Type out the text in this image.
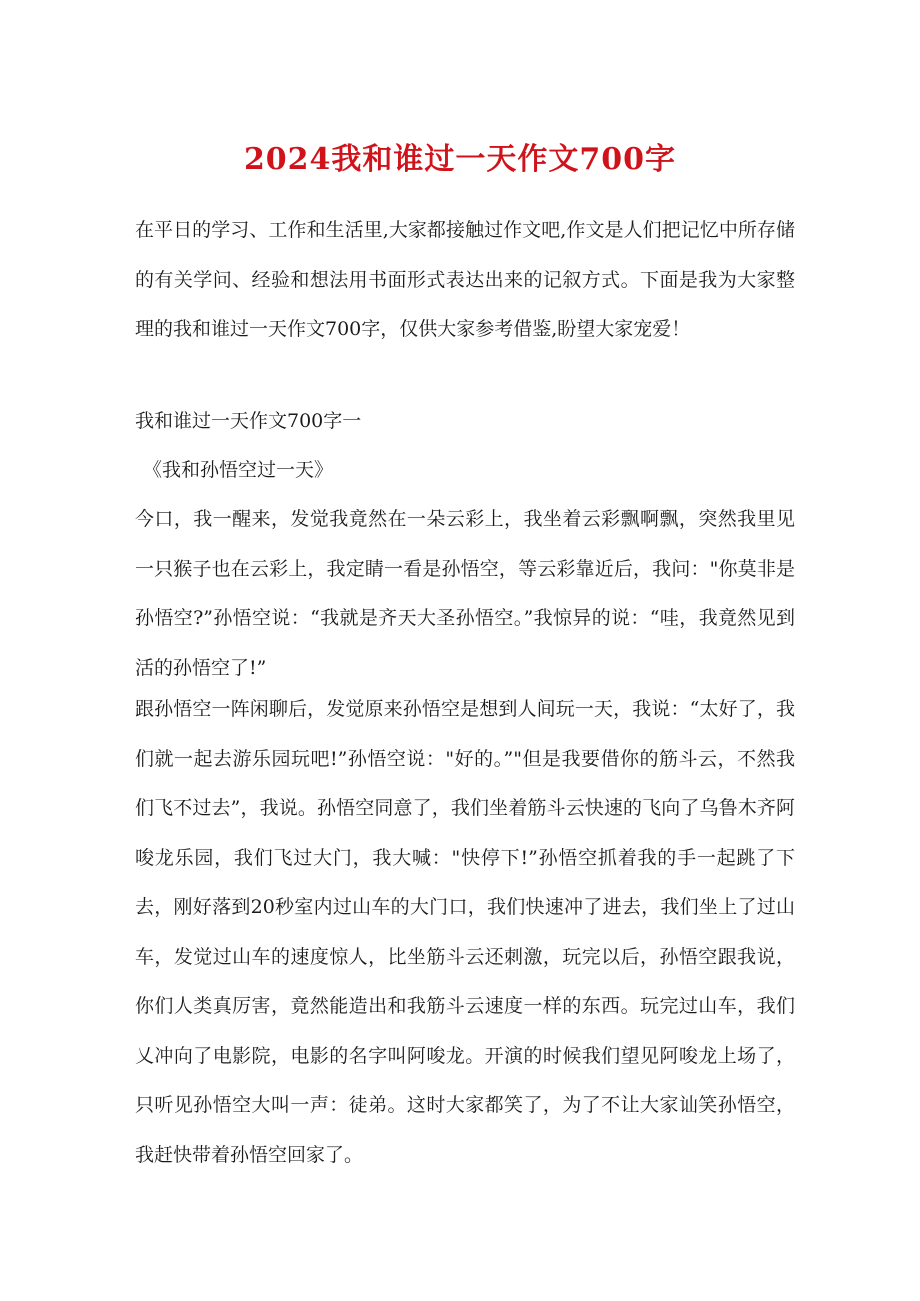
2024我和谁过一天作文700字

在平日的学习、工作和生活里,大家都接触过作文吧,作文是人们把记忆中所存储的有关学问、经验和想法用书面形式表达出来的记叙方式。下面是我为大家整理的我和谁过一天作文700字，仅供大家参考借鉴,盼望大家宠爱！

我和谁过一天作文700字一
《我和孙悟空过一天》

今口，我一醒来，发觉我竟然在一朵云彩上，我坐着云彩飘啊飘，突然我里见一只猴子也在云彩上，我定睛一看是孙悟空，等云彩靠近后，我问："你莫非是孙悟空?”孙悟空说：“我就是齐天大圣孙悟空。”我惊异的说：“哇，我竟然见到活的孙悟空了!”

跟孙悟空一阵闲聊后，发觉原来孙悟空是想到人间玩一天，我说：“太好了，我们就一起去游乐园玩吧!”孙悟空说："好的。”"但是我要借你的筋斗云，不然我们飞不过去”，我说。孙悟空同意了，我们坐着筋斗云快速的飞向了乌鲁木齐阿唆龙乐园，我们飞过大门，我大喊："快停下!”孙悟空抓着我的手一起跳了下去，刚好落到20秒室内过山车的大门口，我们快速冲了进去，我们坐上了过山车，发觉过山车的速度惊人，比坐筋斗云还刺激，玩完以后，孙悟空跟我说，你们人类真厉害，竟然能造出和我筋斗云速度一样的东西。玩完过山车，我们乂冲向了电影院，电影的名字叫阿唆龙。开演的时候我们望见阿唆龙上场了，只听见孙悟空大叫一声：徒弟。这时大家都笑了，为了不让大家讪笑孙悟空，我赶快带着孙悟空回家了。
